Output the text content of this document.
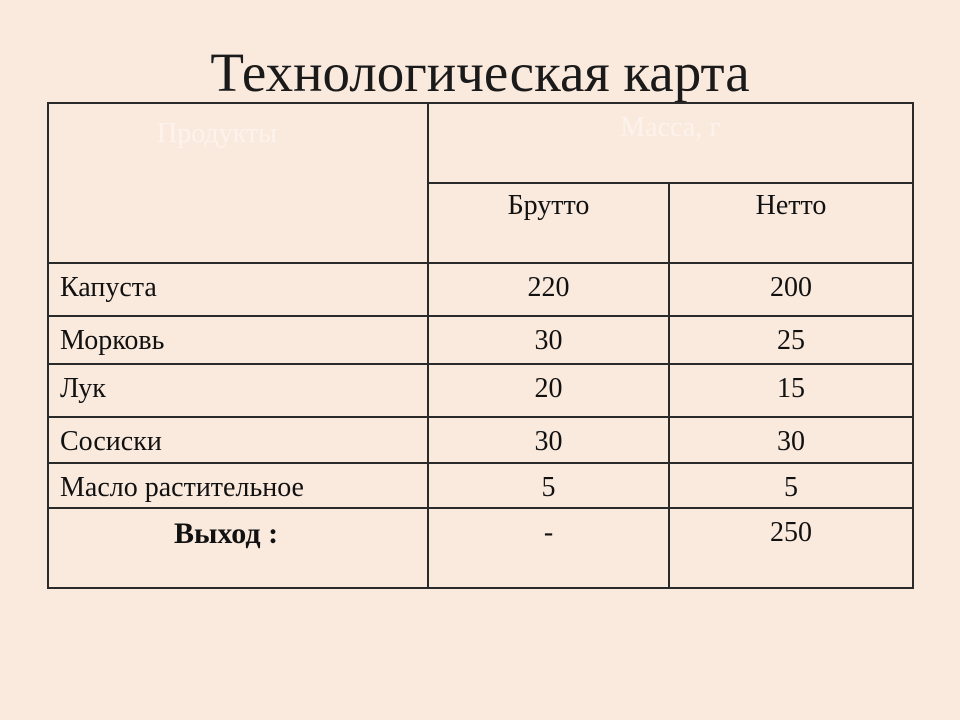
Технологическая карта
Продукты	Масса, г	
	Брутто	Нетто
Капуста	220	200
Морковь	30	25
Лук	20	15
Сосиски	30	30
Масло растительное	5	5
Выход :	-	250
